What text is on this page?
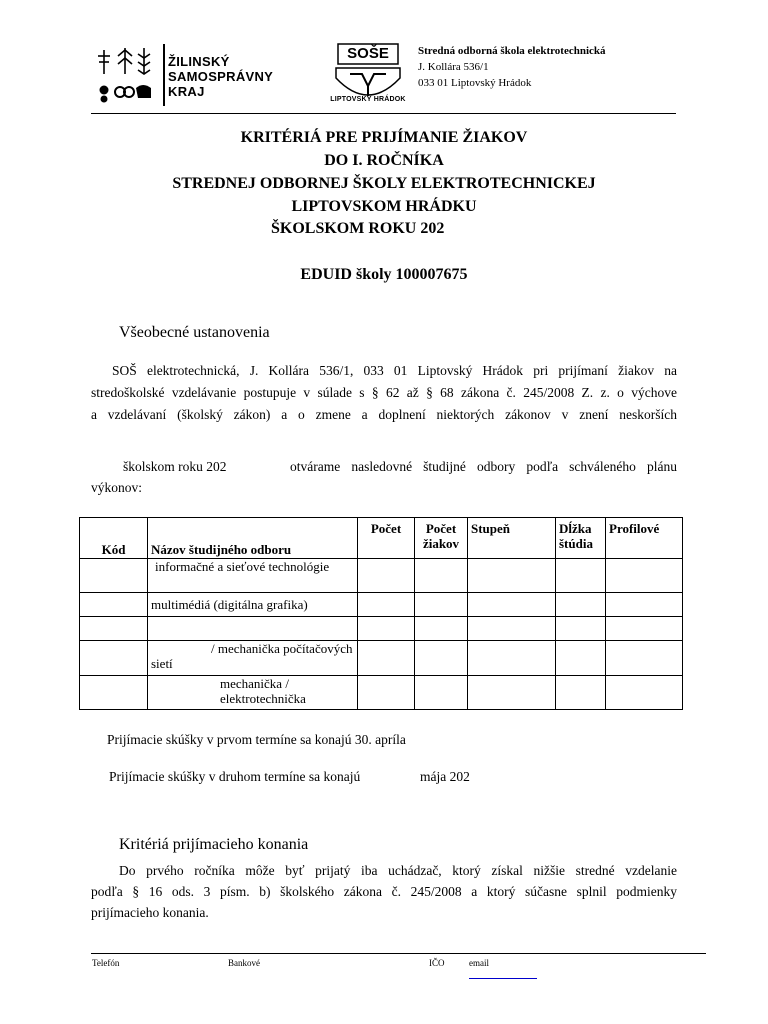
ŽILINSKÝ
SAMOSPRÁVNY
KRAJ
SOŠE
LIPTOVSKÝ HRÁDOK
Stredná odborná škola elektrotechnická
J. Kollára 536/1
033 01 Liptovský Hrádok
KRITÉRIÁ PRE PRIJÍMANIE ŽIAKOV
DO I. ROČNÍKA
STREDNEJ ODBORNEJ ŠKOLY ELEKTROTECHNICKEJ
LIPTOVSKOM HRÁDKU
ŠKOLSKOM ROKU 202
EDUID školy 100007675
Všeobecné ustanovenia
SOŠ elektrotechnická, J. Kollára 536/1, 033 01 Liptovský Hrádok pri prijímaní žiakov na
stredoškolské vzdelávanie postupuje v súlade s § 62 až § 68 zákona č. 245/2008 Z. z. o výchove
a vzdelávaní (školský zákon) a o zmene a doplnení niektorých zákonov v znení neskorších
školskom roku 202	otvárame nasledovné študijné odbory podľa schváleného plánu
výkonov:
Kód	Názov študijného odboru	Počet	Počet žiakov	Stupeň	Dĺžka štúdia	Profilové
	informačné a sieťové technológie					
	multimédiá (digitálna grafika)					

	/ mechanička počítačových sietí					
	mechanička / elektrotechnička					
Prijímacie skúšky v prvom termíne sa konajú 30. apríla
Prijímacie skúšky v druhom termíne sa konajú	mája 202
Kritériá prijímacieho konania
Do prvého ročníka môže byť prijatý iba uchádzač, ktorý získal nižšie stredné vzdelanie
podľa § 16 ods. 3 písm. b) školského zákona č. 245/2008 a ktorý súčasne splnil podmienky
prijímacieho konania.
Telefón	Bankové	IČO	email
